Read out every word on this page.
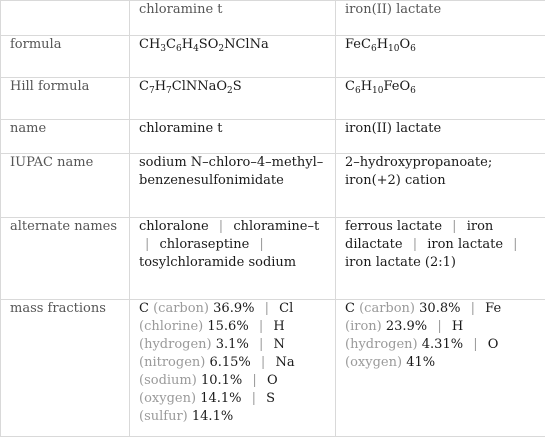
	chloramine t	iron(II) lactate
formula	$CH_3C_6H_4SO_2NClNa$	$FeC_6H_{10}O_6$
Hill formula	$C_7H_7ClNNaO_2S$	$C_6H_{10}FeO_6$
name	chloramine t	iron(II) lactate
IUPAC name	sodium N–chloro–4–methyl–benzenesulfonimidate	2–hydroxypropanoate; iron(+2) cation
alternate names	chloralone | chloramine–t | chloraseptine | tosylchloramide sodium	ferrous lactate | iron dilactate | iron lactate | iron lactate (2:1)
mass fractions	C (carbon) 36.9% | Cl (chlorine) 15.6% | H (hydrogen) 3.1% | N (nitrogen) 6.15% | Na (sodium) 10.1% | O (oxygen) 14.1% | S (sulfur) 14.1%	C (carbon) 30.8% | Fe (iron) 23.9% | H (hydrogen) 4.31% | O (oxygen) 41%
